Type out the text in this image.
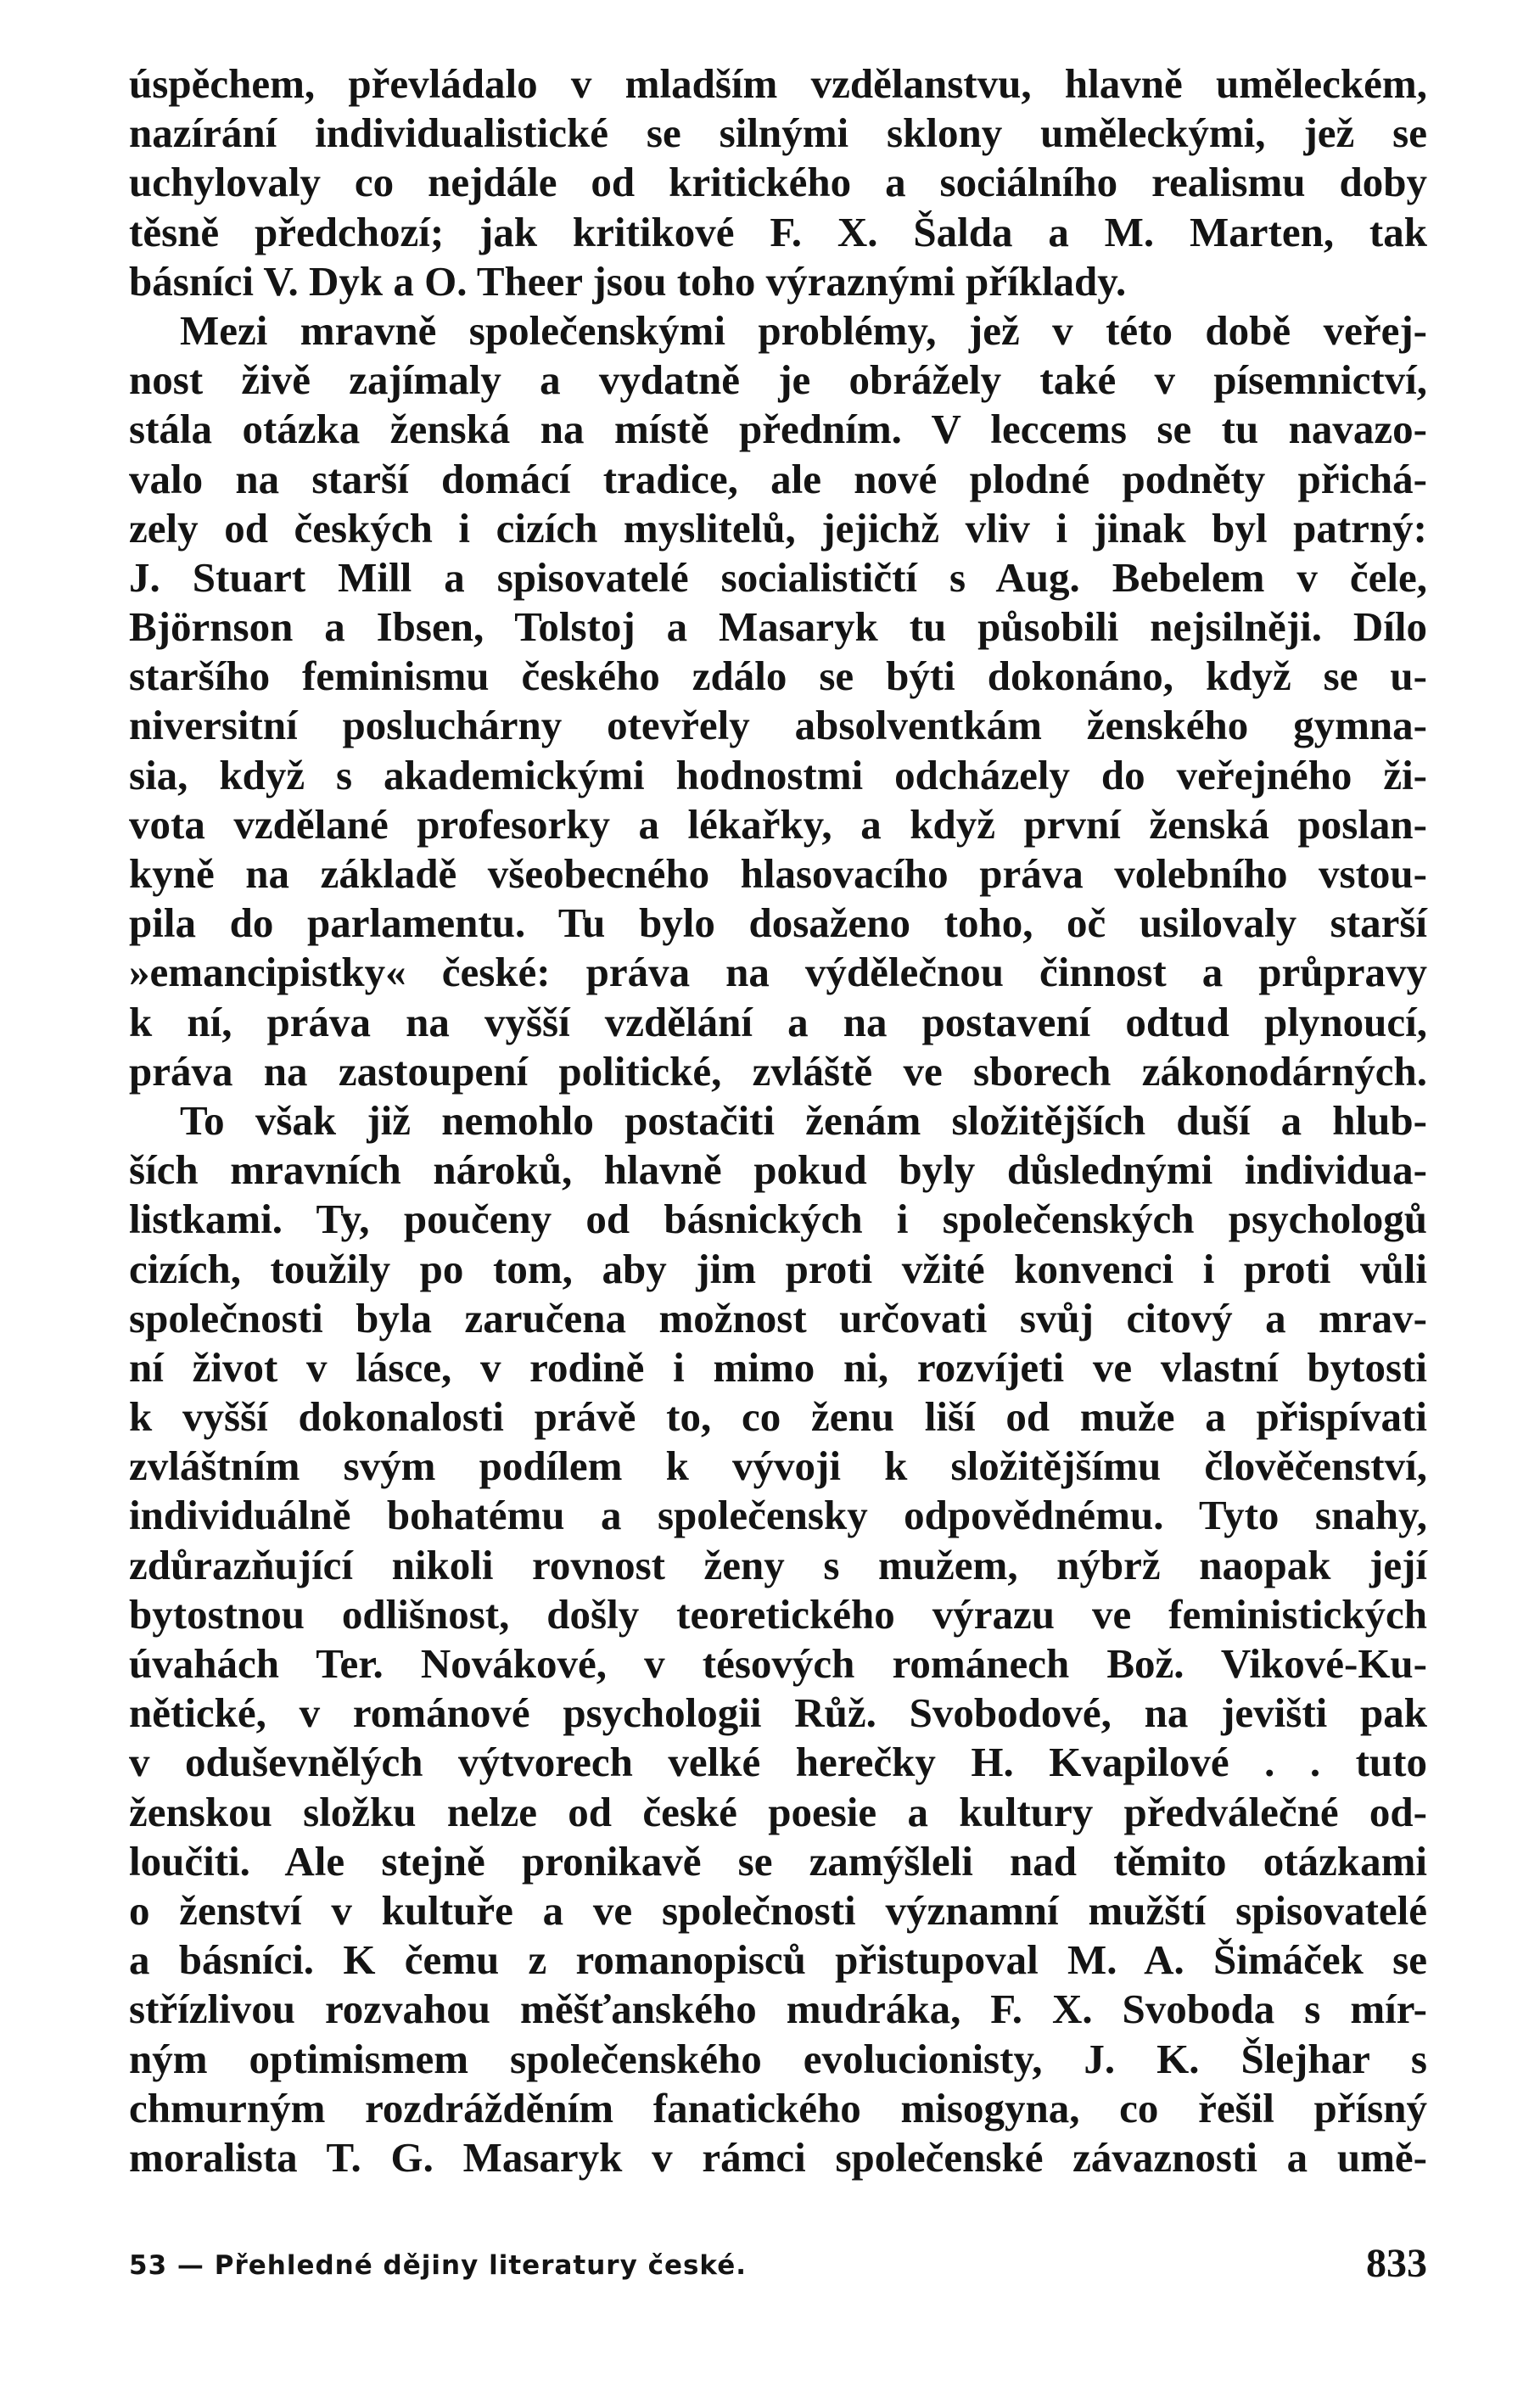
úspěchem, převládalo v mladším vzdělanstvu, hlavně uměleckém,
nazírání individualistické se silnými sklony uměleckými, jež se
uchylovaly co nejdále od kritického a sociálního realismu doby
těsně předchozí; jak kritikové F. X. Šalda a M. Marten, tak
básníci V. Dyk a O. Theer jsou toho výraznými příklady.
Mezi mravně společenskými problémy, jež v této době veřej-
nost živě zajímaly a vydatně je obrážely také v písemnictví,
stála otázka ženská na místě předním. V leccems se tu navazo-
valo na starší domácí tradice, ale nové plodné podněty přichá-
zely od českých i cizích myslitelů, jejichž vliv i jinak byl patrný:
J. Stuart Mill a spisovatelé socialističtí s Aug. Bebelem v čele,
Björnson a Ibsen, Tolstoj a Masaryk tu působili nejsilněji. Dílo
staršího feminismu českého zdálo se býti dokonáno, když se u-
niversitní posluchárny otevřely absolventkám ženského gymna-
sia, když s akademickými hodnostmi odcházely do veřejného ži-
vota vzdělané profesorky a lékařky, a když první ženská poslan-
kyně na základě všeobecného hlasovacího práva volebního vstou-
pila do parlamentu. Tu bylo dosaženo toho, oč usilovaly starší
»emancipistky« české: práva na výdělečnou činnost a průpravy
k ní, práva na vyšší vzdělání a na postavení odtud plynoucí,
práva na zastoupení politické, zvláště ve sborech zákonodárných.
To však již nemohlo postačiti ženám složitějších duší a hlub-
ších mravních nároků, hlavně pokud byly důslednými individua-
listkami. Ty, poučeny od básnických i společenských psychologů
cizích, toužily po tom, aby jim proti vžité konvenci i proti vůli
společnosti byla zaručena možnost určovati svůj citový a mrav-
ní život v lásce, v rodině i mimo ni, rozvíjeti ve vlastní bytosti
k vyšší dokonalosti právě to, co ženu liší od muže a přispívati
zvláštním svým podílem k vývoji k složitějšímu člověčenství,
individuálně bohatému a společensky odpovědnému. Tyto snahy,
zdůrazňující nikoli rovnost ženy s mužem, nýbrž naopak její
bytostnou odlišnost, došly teoretického výrazu ve feministických
úvahách Ter. Novákové, v tésových románech Bož. Vikové-Ku-
nětické, v románové psychologii Růž. Svobodové, na jevišti pak
v oduševnělých výtvorech velké herečky H. Kvapilové . . tuto
ženskou složku nelze od české poesie a kultury předválečné od-
loučiti. Ale stejně pronikavě se zamýšleli nad těmito otázkami
o ženství v kultuře a ve společnosti významní mužští spisovatelé
a básníci. K čemu z romanopisců přistupoval M. A. Šimáček se
střízlivou rozvahou měšťanského mudráka, F. X. Svoboda s mír-
ným optimismem společenského evolucionisty, J. K. Šlejhar s
chmurným rozdrážděním fanatického misogyna, co řešil přísný
moralista T. G. Masaryk v rámci společenské závaznosti a umě-
53 — Přehledné dějiny literatury české.	833
